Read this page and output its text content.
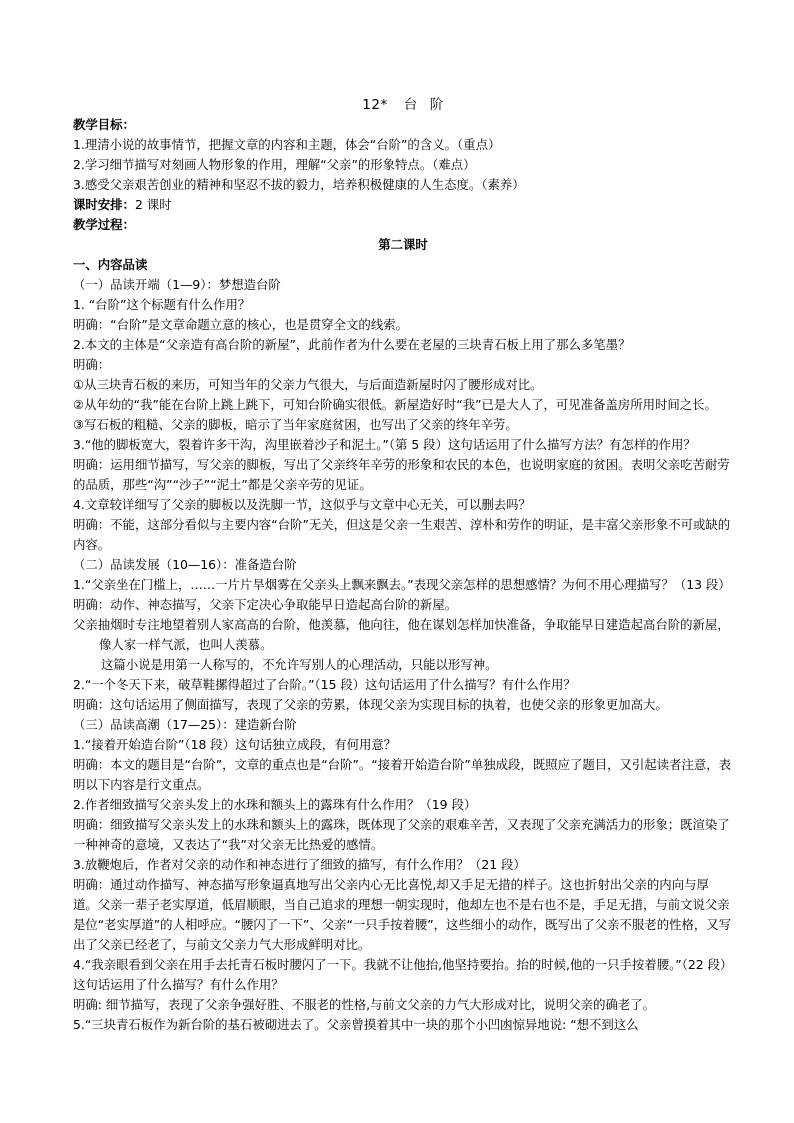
12* 台 阶
教学目标：
1.理清小说的故事情节，把握文章的内容和主题，体会“台阶”的含义。（重点）
2.学习细节描写对刻画人物形象的作用，理解“父亲”的形象特点。（难点）
3.感受父亲艰苦创业的精神和坚忍不拔的毅力，培养积极健康的人生态度。（素养）
课时安排：2 课时
教学过程：
第二课时
一、内容品读
（一）品读开端（1—9）：梦想造台阶
1. “台阶”这个标题有什么作用？
明确：“台阶”是文章命题立意的核心，也是贯穿全文的线索。
2.本文的主体是“父亲造有高台阶的新屋”，此前作者为什么要在老屋的三块青石板上用了那么多笔墨？
明确：
①从三块青石板的来历，可知当年的父亲力气很大，与后面造新屋时闪了腰形成对比。
②从年幼的“我”能在台阶上跳上跳下，可知台阶确实很低。新屋造好时“我”已是大人了，可见准备盖房所用时间之长。
③写石板的粗糙、父亲的脚板，暗示了当年家庭贫困，也写出了父亲的终年辛劳。
3.“他的脚板宽大，裂着许多干沟，沟里嵌着沙子和泥土。”（第 5 段）这句话运用了什么描写方法？有怎样的作用？
明确：运用细节描写，写父亲的脚板，写出了父亲终年辛劳的形象和农民的本色，也说明家庭的贫困。表明父亲吃苦耐劳的品质，那些“沟”“沙子”“泥土”都是父亲辛劳的见证。
4.文章较详细写了父亲的脚板以及洗脚一节，这似乎与文章中心无关，可以删去吗？
明确：不能，这部分看似与主要内容“台阶”无关，但这是父亲一生艰苦、淳朴和劳作的明证，是丰富父亲形象不可或缺的内容。
（二）品读发展（10—16）：准备造台阶
1.“父亲坐在门槛上，……一片片旱烟雾在父亲头上飘来飘去。”表现父亲怎样的思想感情？为何不用心理描写？（13 段）
明确：动作、神态描写，父亲下定决心争取能早日造起高台阶的新屋。
父亲抽烟时专注地望着别人家高高的台阶，他羡慕，他向往，他在谋划怎样加快准备，争取能早日建造起高台阶的新屋，像人家一样气派，也叫人羡慕。
这篇小说是用第一人称写的，不允许写别人的心理活动，只能以形写神。
2.“一个冬天下来，破草鞋摞得超过了台阶。”（15 段）这句话运用了什么描写？有什么作用？
明确：这句话运用了侧面描写，表现了父亲的劳累，体现父亲为实现目标的执着，也使父亲的形象更加高大。
（三）品读高潮（17—25）：建造新台阶
1.“接着开始造台阶”（18 段）这句话独立成段，有何用意？
明确：本文的题目是“台阶”，文章的重点也是“台阶”。“接着开始造台阶”单独成段，既照应了题目，又引起读者注意，表明以下内容是行文重点。
2.作者细致描写父亲头发上的水珠和额头上的露珠有什么作用？（19 段）
明确：细致描写父亲头发上的水珠和额头上的露珠，既体现了父亲的艰难辛苦，又表现了父亲充满活力的形象；既渲染了一种神奇的意境，又表达了“我”对父亲无比热爱的感情。
3.放鞭炮后，作者对父亲的动作和神态进行了细致的描写，有什么作用？（21 段）
明确：通过动作描写、神态描写形象逼真地写出父亲内心无比喜悦,却又手足无措的样子。这也折射出父亲的内向与厚道。父亲一辈子老实厚道，低眉顺眼，当自己追求的理想一朝实现时，他却左也不是右也不是，手足无措，与前文说父亲是位“老实厚道”的人相呼应。“腰闪了一下”、父亲“一只手按着腰”，这些细小的动作，既写出了父亲不服老的性格，又写出了父亲已经老了，与前文父亲力气大形成鲜明对比。
4.“我亲眼看到父亲在用手去托青石板时腰闪了一下。我就不让他抬,他坚持要抬。抬的时候,他的一只手按着腰。”（22 段）这句话运用了什么描写？有什么作用？
明确: 细节描写，表现了父亲争强好胜、不服老的性格,与前文父亲的力气大形成对比，说明父亲的确老了。
5.“三块青石板作为新台阶的基石被砌进去了。父亲曾摸着其中一块的那个小凹凼惊异地说: “想不到这么
